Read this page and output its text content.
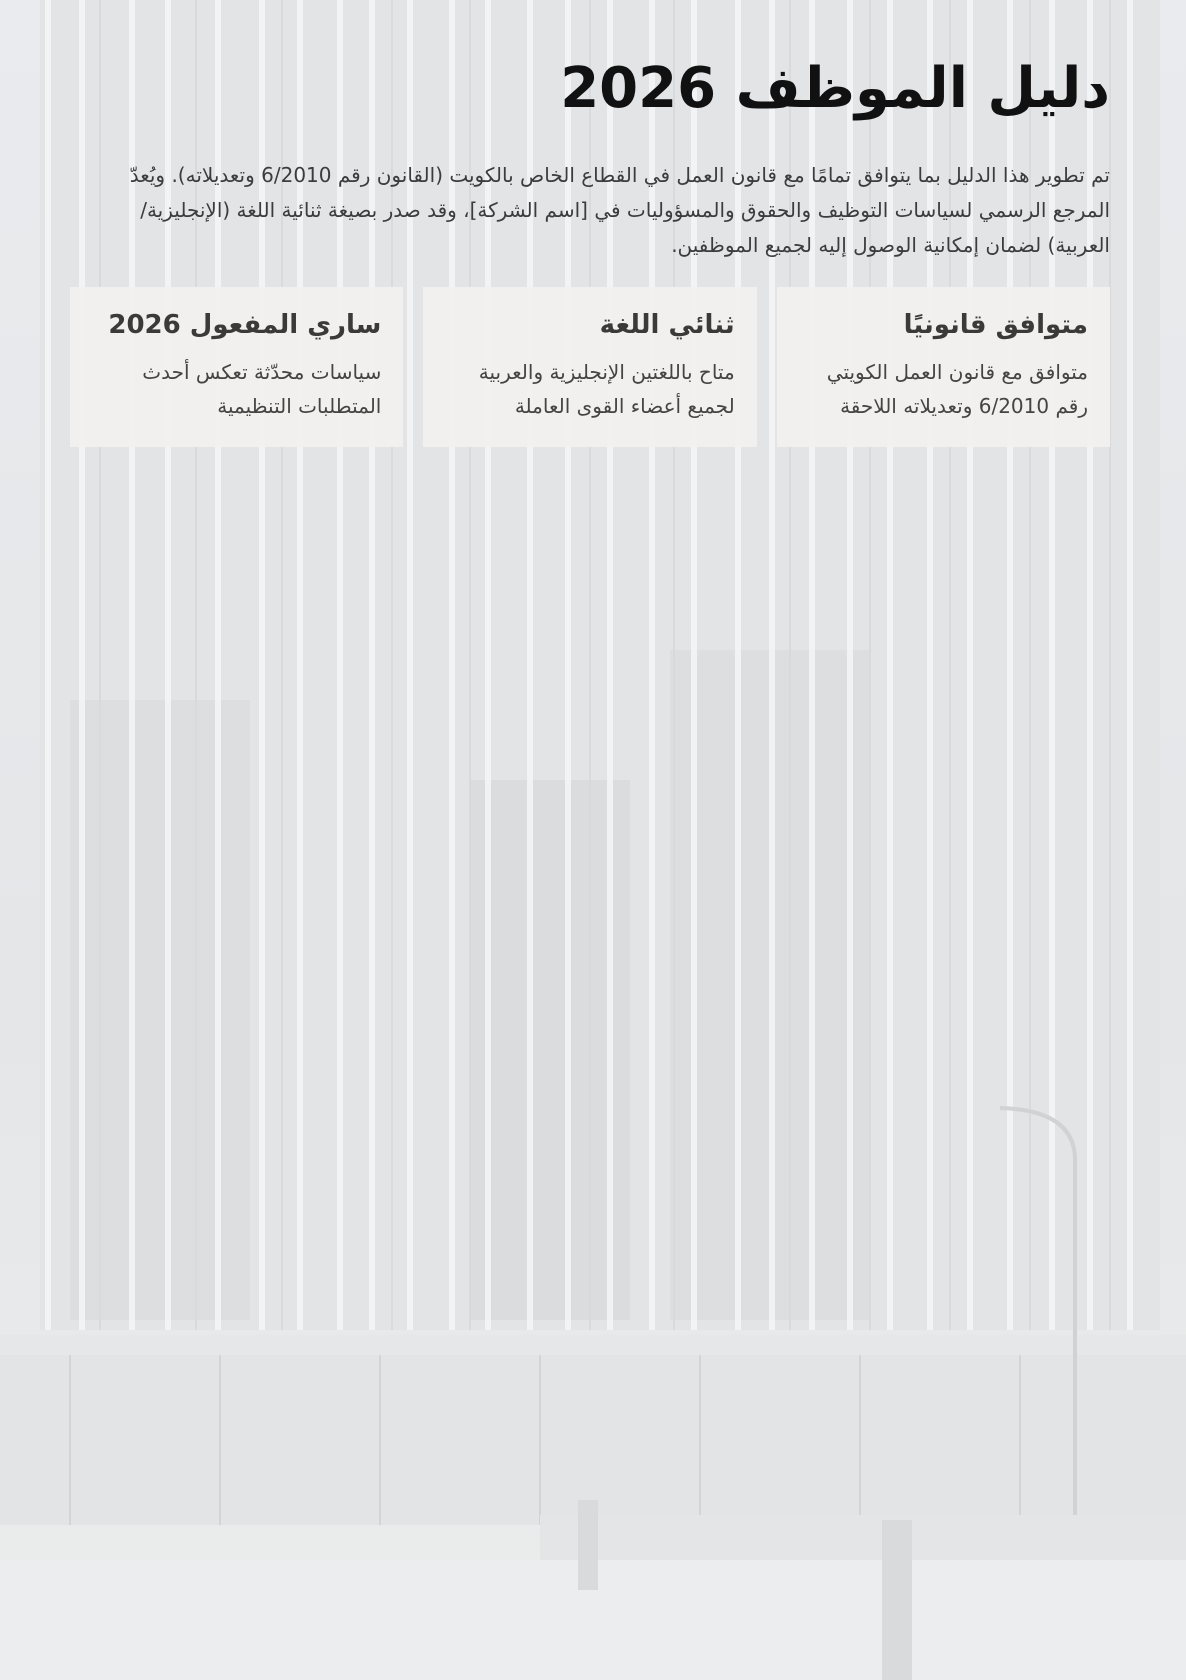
دليل الموظف 2026

تم تطوير هذا الدليل بما يتوافق تمامًا مع قانون العمل في القطاع الخاص بالكويت (القانون رقم 6/2010 وتعديلاته). ويُعدّ المرجع الرسمي لسياسات التوظيف والحقوق والمسؤوليات في [اسم الشركة]، وقد صدر بصيغة ثنائية اللغة (الإنجليزية/العربية) لضمان إمكانية الوصول إليه لجميع الموظفين.

متوافق قانونيًا
متوافق مع قانون العمل الكويتي رقم 6/2010 وتعديلاته اللاحقة
ثنائي اللغة
متاح باللغتين الإنجليزية والعربية لجميع أعضاء القوى العاملة
ساري المفعول 2026
سياسات محدّثة تعكس أحدث المتطلبات التنظيمية
